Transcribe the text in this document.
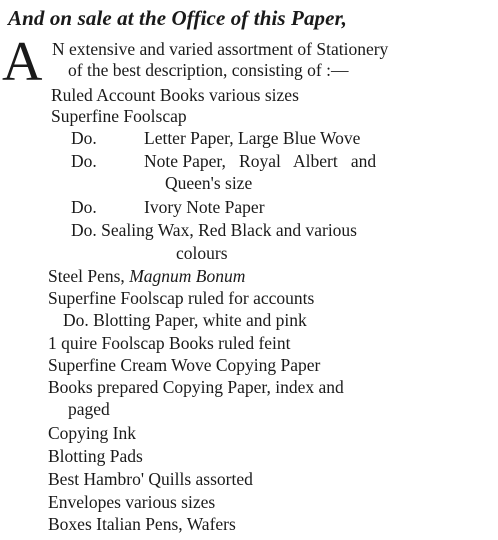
And on sale at the Office of this Paper,
A N extensive and varied assortment of Stationery
of the best description, consisting of :—
Ruled Account Books various sizes
Superfine Foolscap
Do.	Letter Paper, Large Blue Wove
Do.	Note Paper,   Royal   Albert   and
Queen's size
Do.	Ivory Note Paper
Do. Sealing Wax, Red Black and various
colours
Steel Pens, Magnum Bonum
Superfine Foolscap ruled for accounts
Do. Blotting Paper, white and pink
1 quire Foolscap Books ruled feint
Superfine Cream Wove Copying Paper
Books prepared Copying Paper, index and
paged
Copying Ink
Blotting Pads
Best Hambro' Quills assorted
Envelopes various sizes
Boxes Italian Pens, Wafers
